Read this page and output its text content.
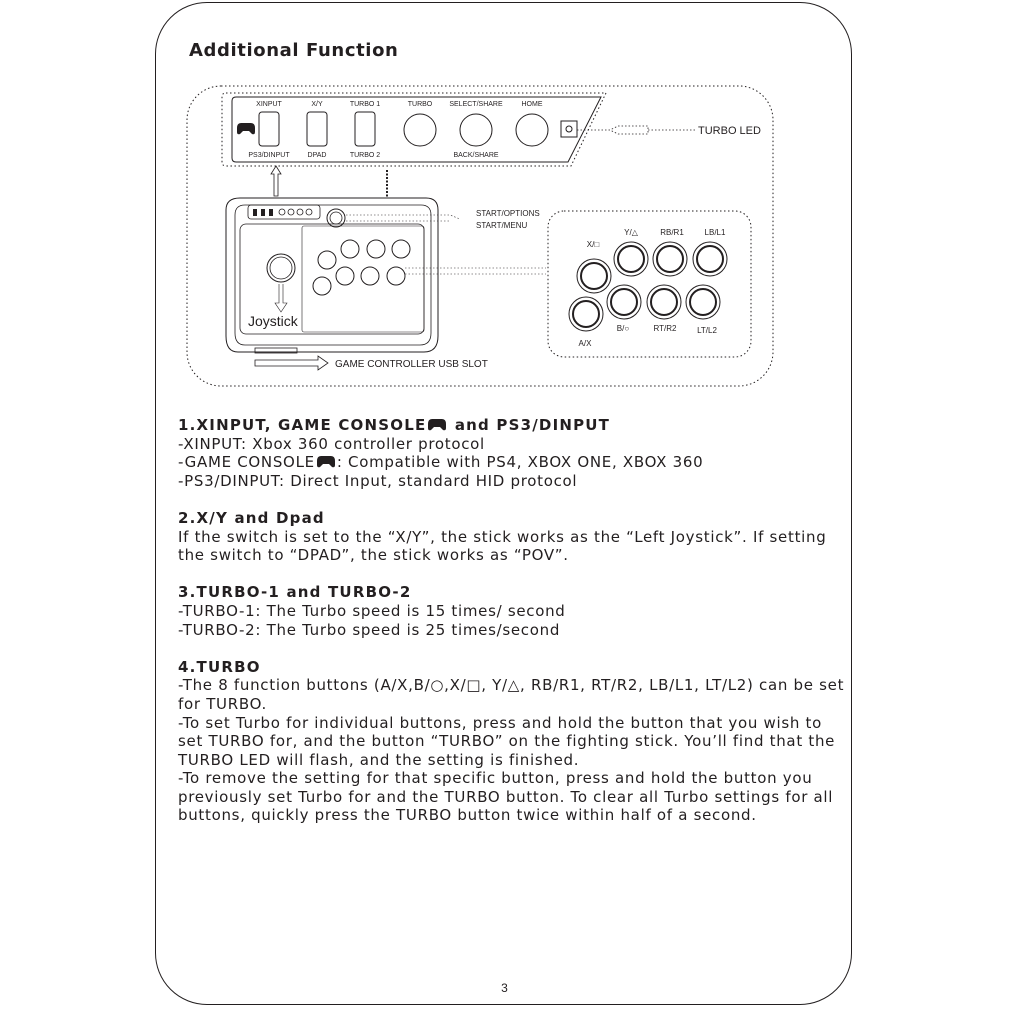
Additional Function
XINPUT	X/Y	TURBO 1	TURBO SELECT/SHARE	HOME
PS3/DINPUT	DPAD	TURBO 2	BACK/SHARE
TURBO LED
Joystick
GAME CONTROLLER USB SLOT
START/OPTIONS
START/MENU
X/□
Y/△	RB/R1	LB/L1
A/X
B/○	RT/R2	LT/L2
1.XINPUT, GAME CONSOLE and PS3/DINPUT

-XINPUT: Xbox 360 controller protocol

-GAME CONSOLE : Compatible with PS4, XBOX ONE, XBOX 360

-PS3/DINPUT: Direct Input, standard HID protocol

2.X/Y and Dpad

If the switch is set to the “X/Y”, the stick works as the “Left Joystick”. If setting the switch to “DPAD”, the stick works as “POV”.

3.TURBO-1 and TURBO-2

-TURBO-1: The Turbo speed is 15 times/ second

-TURBO-2: The Turbo speed is 25 times/second

4.TURBO

-The 8 function buttons (A/X,B/○,X/□, Y/△, RB/R1, RT/R2, LB/L1, LT/L2) can be set for TURBO.

-To set Turbo for individual buttons, press and hold the button that you wish to set TURBO for, and the button “TURBO” on the fighting stick. You’ll find that the TURBO LED will flash, and the setting is finished.

-To remove the setting for that specific button, press and hold the button you previously set Turbo for and the TURBO button. To clear all Turbo settings for all buttons, quickly press the TURBO button twice within half of a second.

3
